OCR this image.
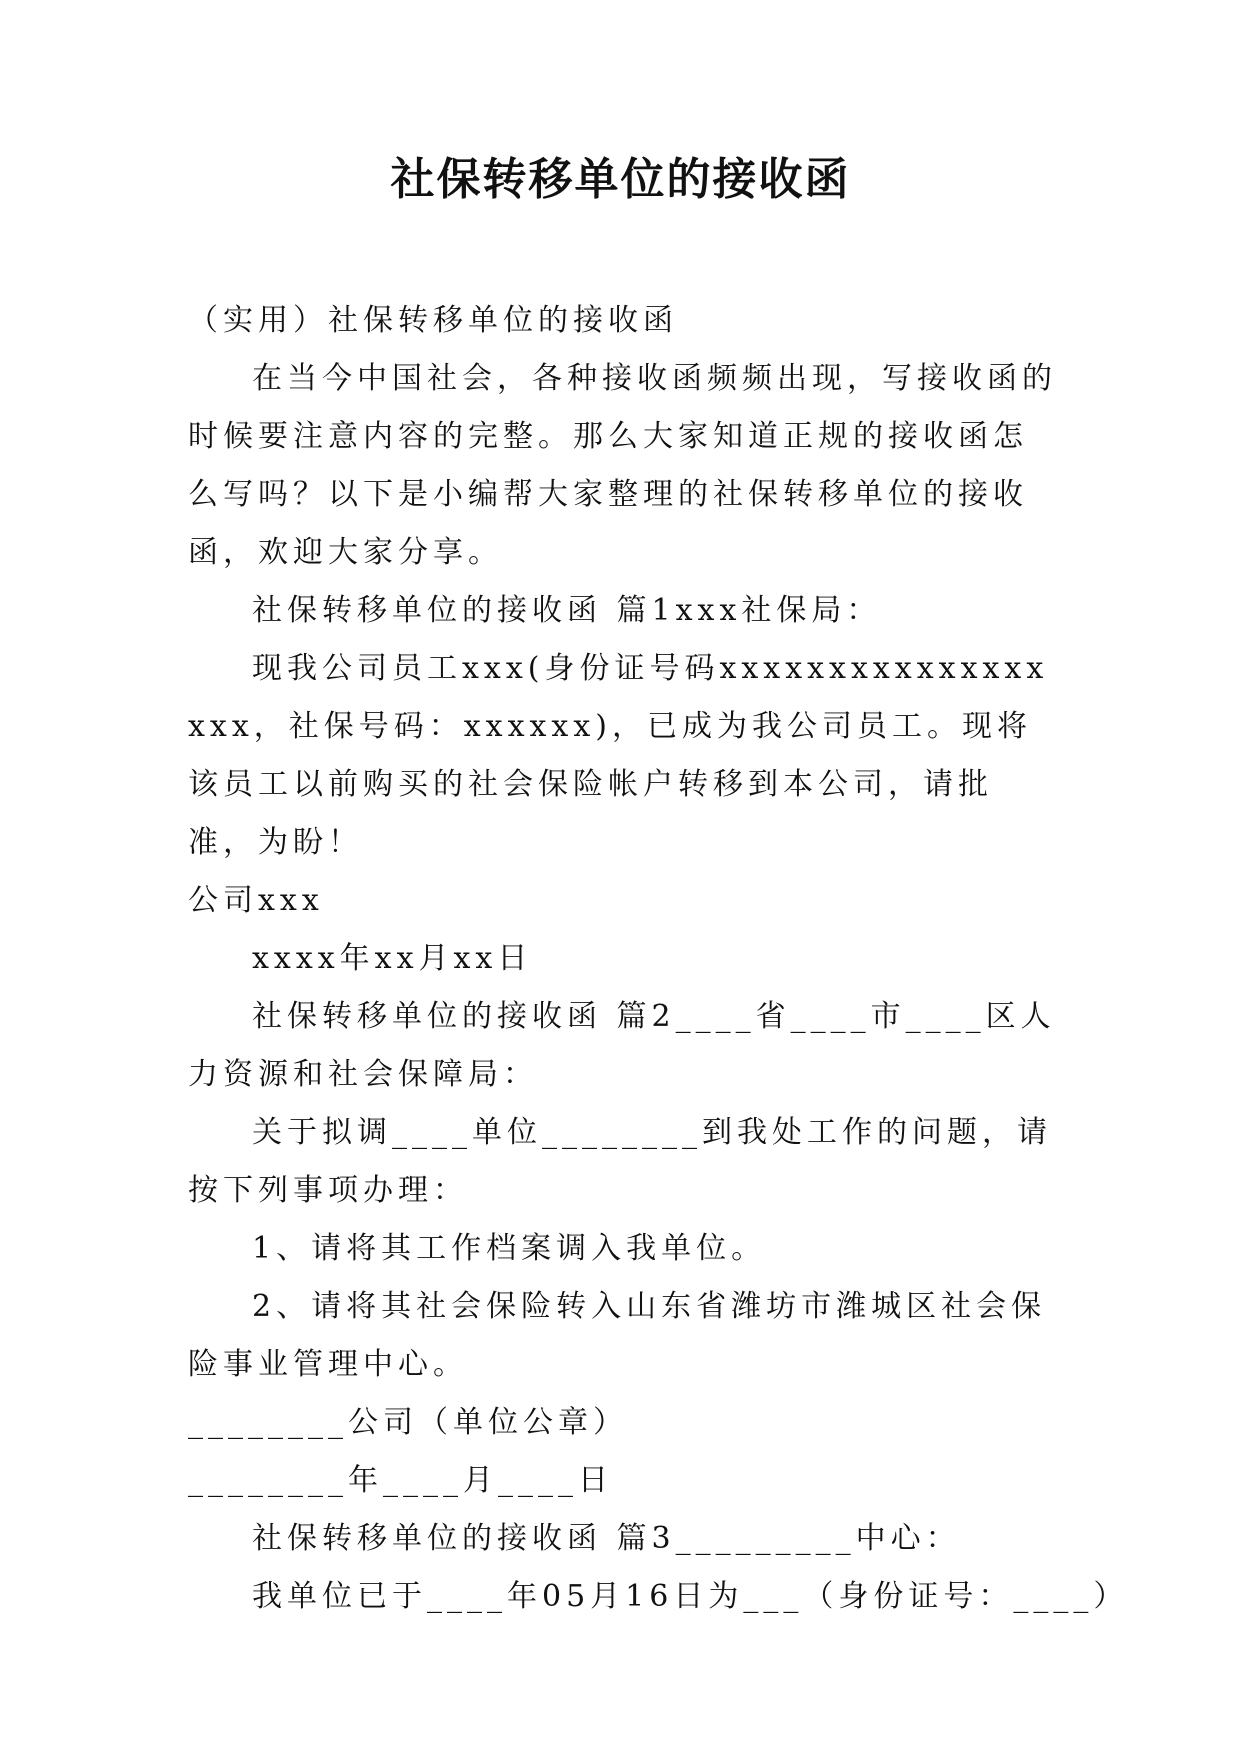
社保转移单位的接收函

（实用）社保转移单位的接收函

在当今中国社会，各种接收函频频出现，写接收函的时候要注意内容的完整。那么大家知道正规的接收函怎么写吗？以下是小编帮大家整理的社保转移单位的接收函，欢迎大家分享。

社保转移单位的接收函 篇1xxx社保局：

现我公司员工xxx(身份证号码xxxxxxxxxxxxxxxxxx，社保号码：xxxxxx)，已成为我公司员工。现将该员工以前购买的社会保险帐户转移到本公司，请批准，为盼！

公司xxx

xxxx年xx月xx日

社保转移单位的接收函 篇2____省____市____区人力资源和社会保障局：

关于拟调____单位________到我处工作的问题，请按下列事项办理：

1、请将其工作档案调入我单位。

2、请将其社会保险转入山东省潍坊市潍城区社会保险事业管理中心。

________公司（单位公章）

________年____月____日

社保转移单位的接收函 篇3_________中心：

我单位已于____年05月16日为___（身份证号：____）
